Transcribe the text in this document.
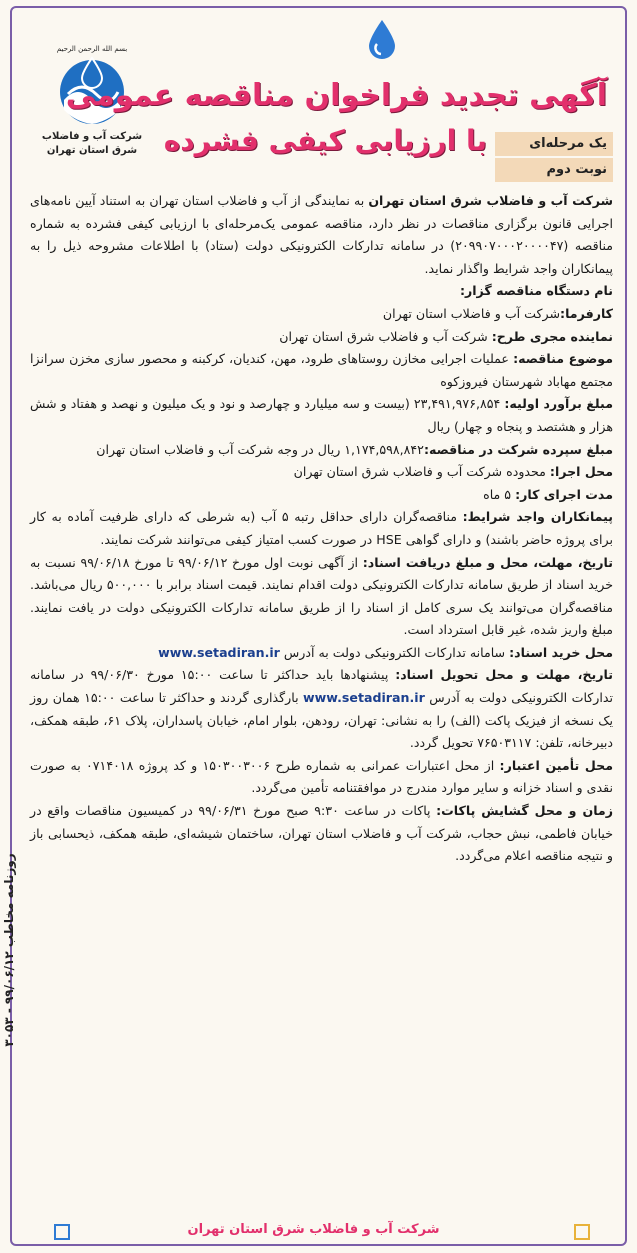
شرکت آب و فاضلاب
شرق استان تهران
بسم الله الرحمن الرحیم
آگهی تجدید فراخوان مناقصه عمومی
با ارزیابی کیفی فشرده	یک مرحله‌ای
نوبت دوم

شرکت آب و فاضلاب شرق استان تهران به نمایندگی از آب و فاضلاب استان تهران به استناد آیین نامه‌های اجرایی قانون برگزاری مناقصات در نظر دارد، مناقصه عمومی یک‌مرحله‌ای با ارزیابی کیفی فشرده به شماره مناقصه (۲۰۹۹۰۷۰۰۰۲۰۰۰۰۴۷) در سامانه تدارکات الکترونیکی دولت (ستاد) با اطلاعات مشروحه ذیل را به پیمانکاران واجد شرایط واگذار نماید.

نام دستگاه مناقصه گزار:

کارفرما:شرکت آب و فاضلاب استان تهران

نماینده مجری طرح: شرکت آب و فاضلاب شرق استان تهران

موضوع مناقصه: عملیات اجرایی مخازن روستاهای طرود، مهن، کندیان، کرکبنه و محصور سازی مخزن سرانزا مجتمع مهاباد شهرستان فیروزکوه

مبلغ برآورد اولیه: ۲۳,۴۹۱,۹۷۶,۸۵۴ (بیست و سه میلیارد و چهارصد و نود و یک میلیون و نهصد و هفتاد و شش هزار و هشتصد و پنجاه و چهار) ریال

مبلغ سپرده شرکت در مناقصه:۱,۱۷۴,۵۹۸,۸۴۲ ریال در وجه شرکت آب و فاضلاب استان تهران

محل اجرا: محدوده شرکت آب و فاضلاب شرق استان تهران

مدت اجرای کار: ۵ ماه

پیمانکاران واجد شرایط: مناقصه‌گران دارای حداقل رتبه ۵ آب (به شرطی که دارای ظرفیت آماده به کار برای پروژه حاضر باشند) و دارای گواهی HSE در صورت کسب امتیاز کیفی می‌توانند شرکت نمایند.

تاریخ، مهلت، محل و مبلغ دریافت اسناد: از آگهی نوبت اول مورخ ۹۹/۰۶/۱۲ تا مورخ ۹۹/۰۶/۱۸ نسبت به خرید اسناد از طریق سامانه تدارکات الکترونیکی دولت اقدام نمایند. قیمت اسناد برابر با ۵۰۰,۰۰۰ ریال می‌باشد. مناقصه‌گران می‌توانند یک سری کامل از اسناد را از طریق سامانه تدارکات الکترونیکی دولت در یافت نمایند. مبلغ واریز شده، غیر قابل استرداد است.

محل خرید اسناد: سامانه تدارکات الکترونیکی دولت به آدرس www.setadiran.ir

تاریخ، مهلت و محل تحویل اسناد: پیشنهادها باید حداکثر تا ساعت ۱۵:۰۰ مورخ ۹۹/۰۶/۳۰ در سامانه تدارکات الکترونیکی دولت به آدرس www.setadiran.ir بارگذاری گردند و حداکثر تا ساعت ۱۵:۰۰ همان روز یک نسخه از فیزیک پاکت (الف) را به نشانی: تهران، رودهن، بلوار امام، خیابان پاسداران، پلاک ۶۱، طبقه همکف، دبیرخانه، تلفن: ۷۶۵۰۳۱۱۷ تحویل گردد.

محل تأمین اعتبار: از محل اعتبارات عمرانی به شماره طرح ۱۵۰۳۰۰۳۰۰۶ و کد پروژه ۰۷۱۴۰۱۸ به صورت نقدی و اسناد خزانه و سایر موارد مندرج در موافقتنامه تأمین می‌گردد.

زمان و محل گشایش پاکات: پاکات در ساعت ۹:۳۰ صبح مورخ ۹۹/۰۶/۳۱ در کمیسیون مناقصات واقع در خیابان فاطمی، نبش حجاب، شرکت آب و فاضلاب استان تهران، ساختمان شیشه‌ای، طبقه همکف، ذیحسابی باز و نتیجه مناقصه اعلام می‌گردد.

روزنامه مخاطب ۹۹/۰۶/۱۲ - ۳۰۵۳
شرکت آب و فاضلاب شرق استان تهران
